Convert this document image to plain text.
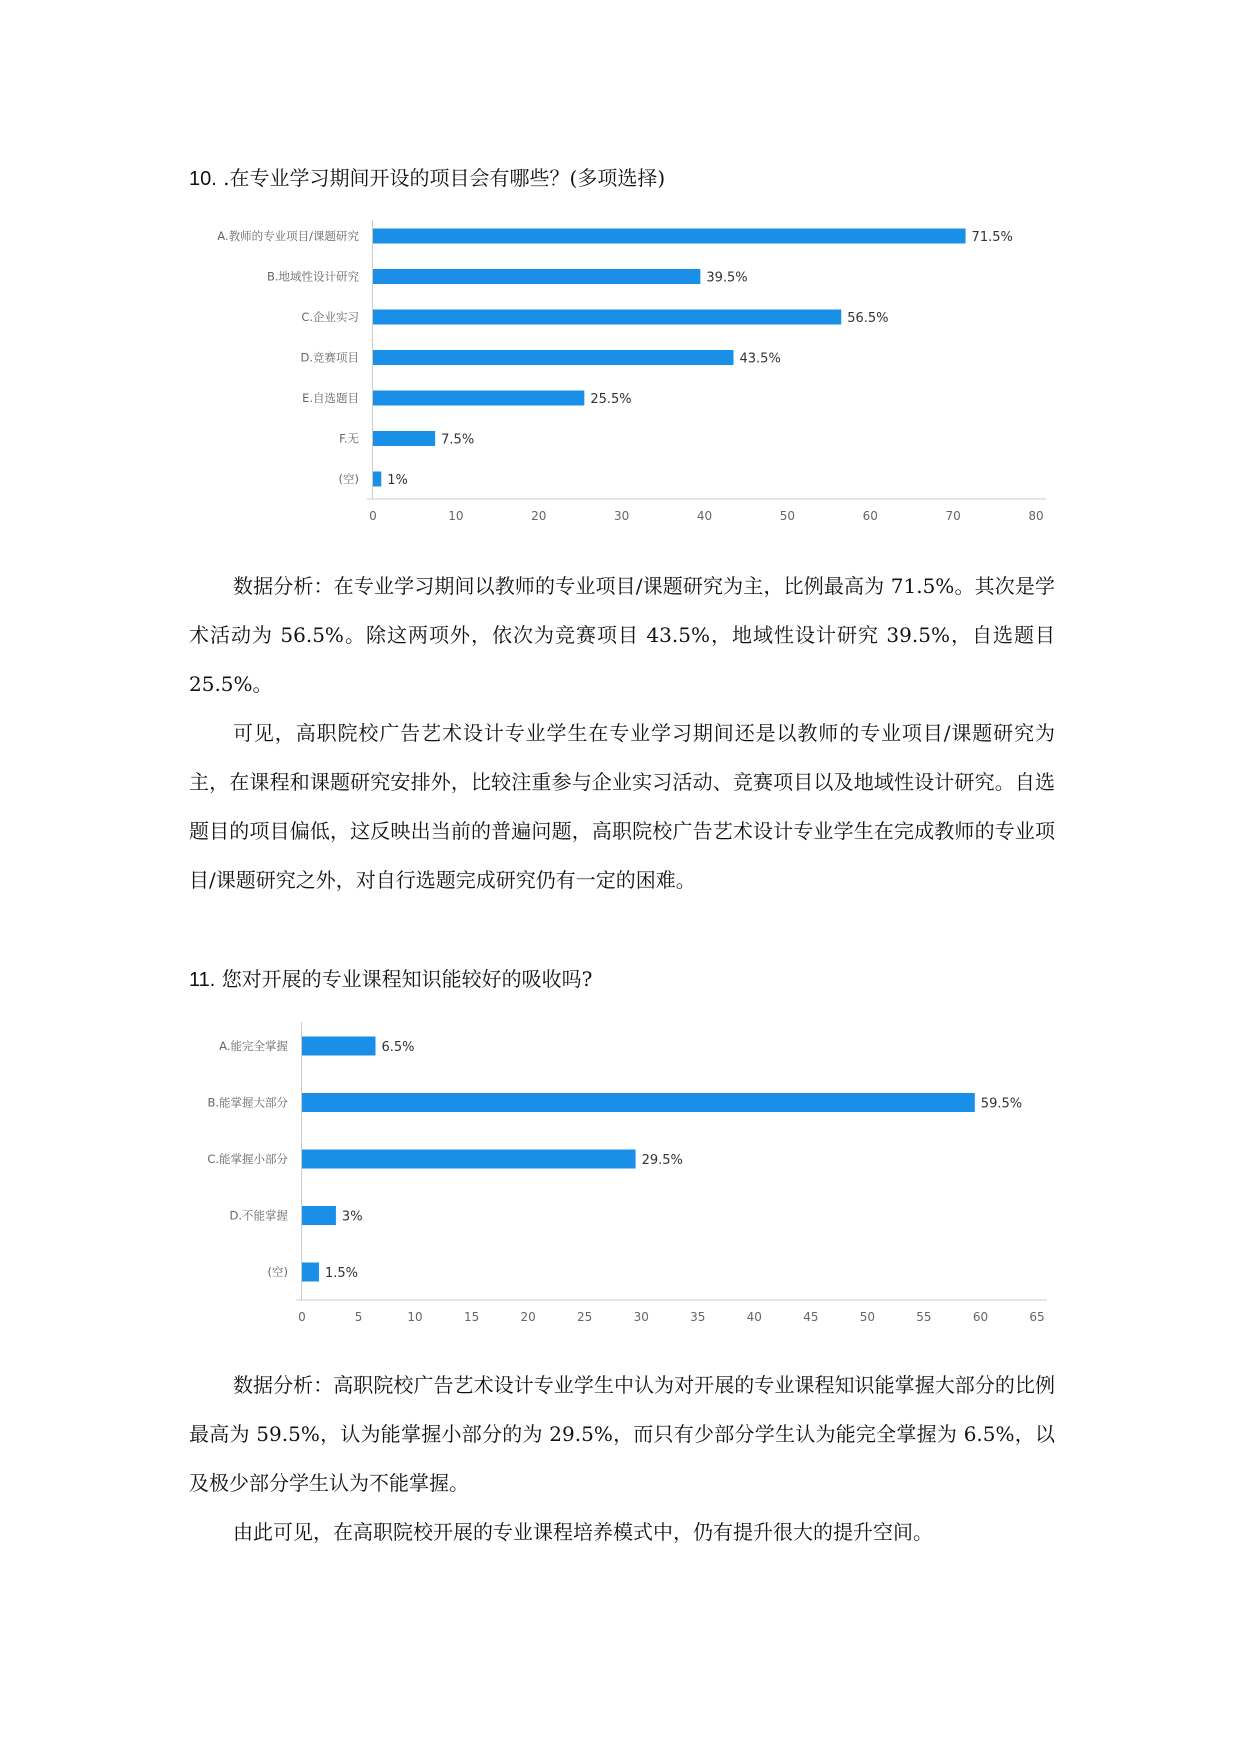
10. .在专业学习期间开设的项目会有哪些？(多项选择)
A.教师的专业项目/课题研究	71.5%
B.地域性设计研究	39.5%
C.企业实习	56.5%
D.竞赛项目	43.5%
E.自选题目	25.5%
F.无	7.5%
(空) 1%
0	10	20	30	40	50	60	70	80

数据分析：在专业学习期间以教师的专业项目/课题研究为主，比例最高为 71.5%。其次是学术活动为 56.5%。除这两项外，依次为竞赛项目 43.5%，地域性设计研究 39.5%，自选题目 25.5%。

可见，高职院校广告艺术设计专业学生在专业学习期间还是以教师的专业项目/课题研究为主，在课程和课题研究安排外，比较注重参与企业实习活动、竞赛项目以及地域性设计研究。自选题目的项目偏低，这反映出当前的普遍问题，高职院校广告艺术设计专业学生在完成教师的专业项目/课题研究之外，对自行选题完成研究仍有一定的困难。

11. 您对开展的专业课程知识能较好的吸收吗?
A.能完全掌握	6.5%
B.能掌握大部分	59.5%
C.能掌握小部分	29.5%
D.不能掌握	3%
(空)	1.5%
0	5	10	15	20	25	30	35	40	45	50	55	60	65

数据分析：高职院校广告艺术设计专业学生中认为对开展的专业课程知识能掌握大部分的比例最高为 59.5%，认为能掌握小部分的为 29.5%，而只有少部分学生认为能完全掌握为 6.5%，以及极少部分学生认为不能掌握。

由此可见，在高职院校开展的专业课程培养模式中，仍有提升很大的提升空间。
